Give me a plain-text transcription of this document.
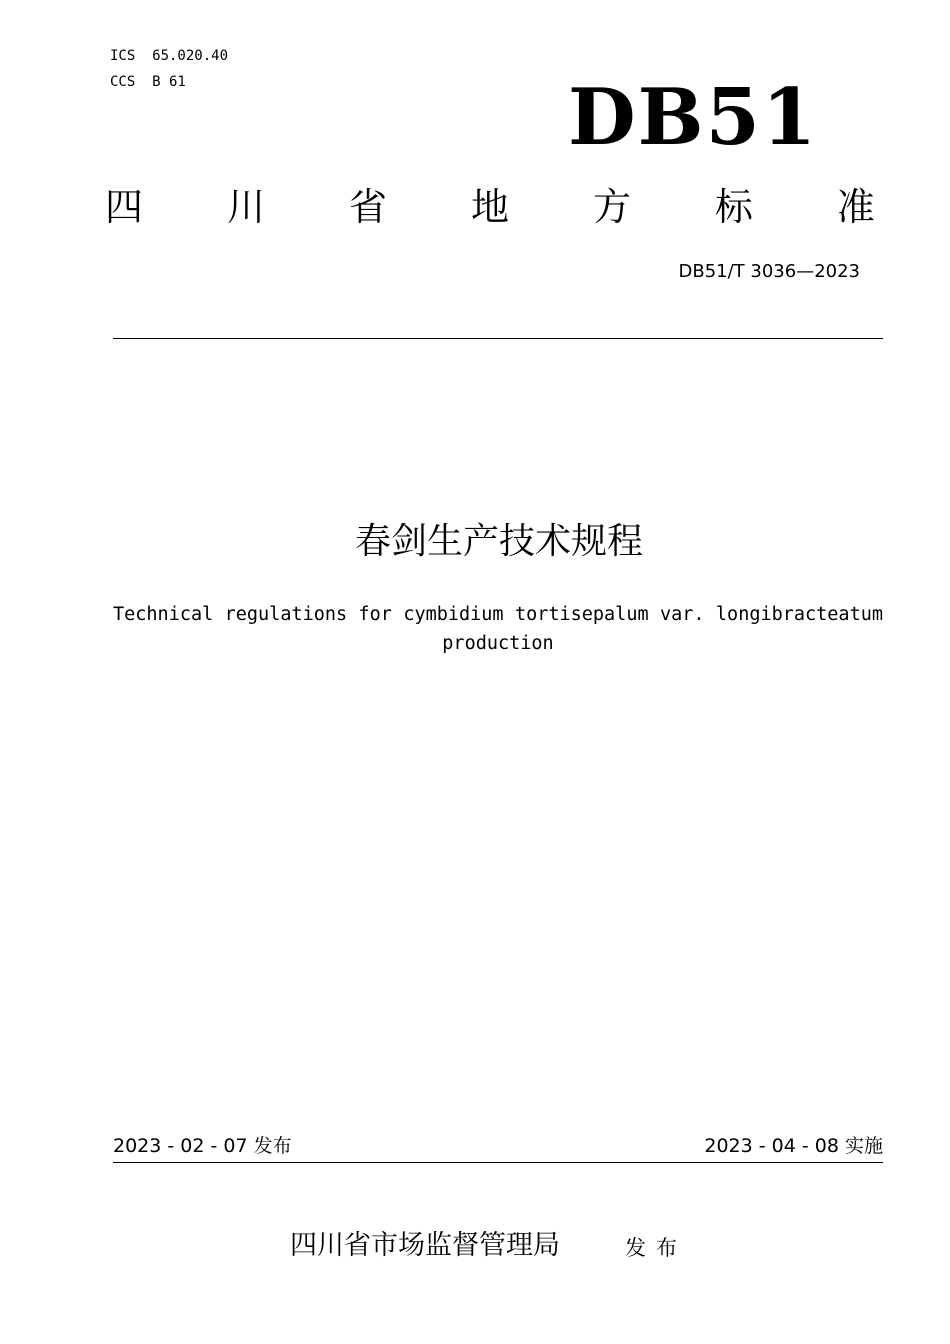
ICS  65.020.40
CCS  B 61	DB51
四 川 省 地 方 标 准
DB51/T 3036—2023
春剑生产技术规程
Technical regulations for cymbidium tortisepalum var. longibracteatum
production
2023 - 02 - 07 发布	2023 - 04 - 08 实施
四川省市场监督管理局	发布
